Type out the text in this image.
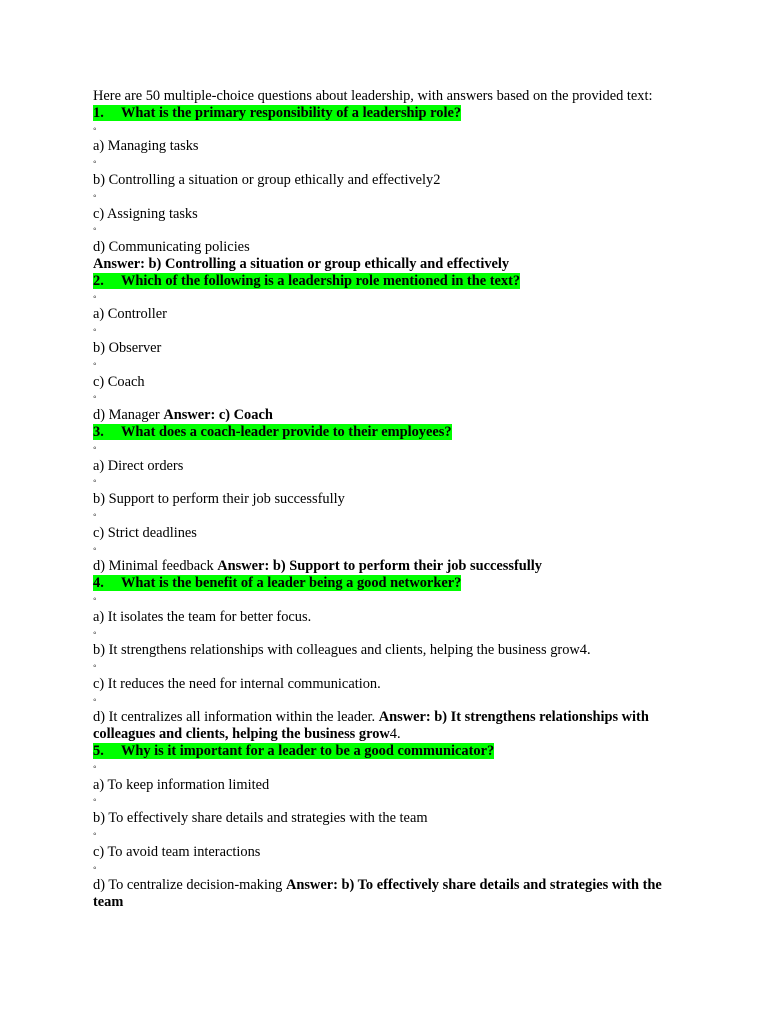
Here are 50 multiple-choice questions about leadership, with answers based on the provided text:
1. What is the primary responsibility of a leadership role?
◦
a) Managing tasks
◦
b) Controlling a situation or group ethically and effectively2
◦
c) Assigning tasks
◦
d) Communicating policies
Answer: b) Controlling a situation or group ethically and effectively
2. Which of the following is a leadership role mentioned in the text?
◦
a) Controller
◦
b) Observer
◦
c) Coach
◦
d) Manager Answer: c) Coach
3. What does a coach-leader provide to their employees?
◦
a) Direct orders
◦
b) Support to perform their job successfully
◦
c) Strict deadlines
◦
d) Minimal feedback Answer: b) Support to perform their job successfully
4. What is the benefit of a leader being a good networker?
◦
a) It isolates the team for better focus.
◦
b) It strengthens relationships with colleagues and clients, helping the business grow4.
◦
c) It reduces the need for internal communication.
◦
d) It centralizes all information within the leader. Answer: b) It strengthens relationships with colleagues and clients, helping the business grow4.
5. Why is it important for a leader to be a good communicator?
◦
a) To keep information limited
◦
b) To effectively share details and strategies with the team
◦
c) To avoid team interactions
◦
d) To centralize decision-making Answer: b) To effectively share details and strategies with the team
